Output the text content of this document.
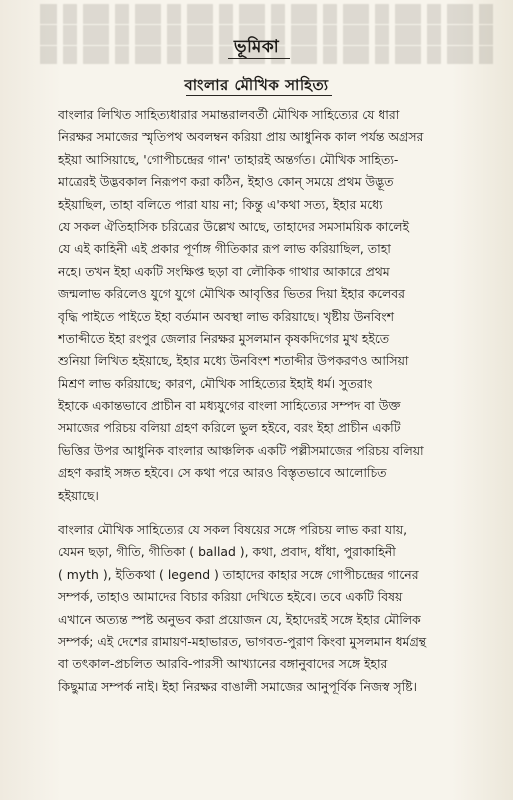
ভূমিকা
বাংলার মৌখিক সাহিত্য
বাংলার লিখিত সাহিত্যধারার সমান্তরালবর্তী মৌখিক সাহিত্যের যে ধারা
নিরক্ষর সমাজের স্মৃতিপথ অবলম্বন করিয়া প্রায় আধুনিক কাল পর্যন্ত অগ্রসর
হইয়া আসিয়াছে, 'গোপীচন্দ্রের গান' তাহারই অন্তর্গত। মৌখিক সাহিত্য-
মাত্রেরই উদ্ভবকাল নিরূপণ করা কঠিন, ইহাও কোন্ সময়ে প্রথম উদ্ভূত
হইয়াছিল, তাহা বলিতে পারা যায় না; কিন্তু এ'কথা সত্য, ইহার মধ্যে
যে সকল ঐতিহাসিক চরিত্রের উল্লেখ আছে, তাহাদের সমসাময়িক কালেই
যে এই কাহিনী এই প্রকার পূর্ণাঙ্গ গীতিকার রূপ লাভ করিয়াছিল, তাহা
নহে। তখন ইহা একটি সংক্ষিপ্ত ছড়া বা লৌকিক গাথার আকারে প্রথম
জন্মলাভ করিলেও যুগে যুগে মৌখিক আবৃত্তির ভিতর দিয়া ইহার কলেবর
বৃদ্ধি পাইতে পাইতে ইহা বর্তমান অবস্থা লাভ করিয়াছে। খৃষ্টীয় উনবিংশ
শতাব্দীতে ইহা রংপুর জেলার নিরক্ষর মুসলমান কৃষকদিগের মুখ হইতে
শুনিয়া লিখিত হইয়াছে, ইহার মধ্যে উনবিংশ শতাব্দীর উপকরণও আসিয়া
মিশ্রণ লাভ করিয়াছে; কারণ, মৌখিক সাহিত্যের ইহাই ধর্ম। সুতরাং
ইহাকে একান্তভাবে প্রাচীন বা মধ্যযুগের বাংলা সাহিত্যের সম্পদ বা উক্ত
সমাজের পরিচয় বলিয়া গ্রহণ করিলে ভুল হইবে, বরং ইহা প্রাচীন একটি
ভিত্তির উপর আধুনিক বাংলার আঞ্চলিক একটি পল্লীসমাজের পরিচয় বলিয়া
গ্রহণ করাই সঙ্গত হইবে। সে কথা পরে আরও বিস্তৃতভাবে আলোচিত
হইয়াছে।
বাংলার মৌখিক সাহিত্যের যে সকল বিষয়ের সঙ্গে পরিচয় লাভ করা যায়,
যেমন ছড়া, গীতি, গীতিকা ( ballad ), কথা, প্রবাদ, ধাঁধা, পুরাকাহিনী
( myth ), ইতিকথা ( legend ) তাহাদের কাহার সঙ্গে গোপীচন্দ্রের গানের
সম্পর্ক, তাহাও আমাদের বিচার করিয়া দেখিতে হইবে। তবে একটি বিষয়
এখানে অত্যন্ত স্পষ্ট অনুভব করা প্রয়োজন যে, ইহাদেরই সঙ্গে ইহার মৌলিক
সম্পর্ক; এই দেশের রামায়ণ-মহাভারত, ভাগবত-পুরাণ কিংবা মুসলমান ধর্মগ্রন্থ
বা তৎকাল-প্রচলিত আরবি-পারসী আখ্যানের বঙ্গানুবাদের সঙ্গে ইহার
কিছুমাত্র সম্পর্ক নাই। ইহা নিরক্ষর বাঙালী সমাজের আনুপূর্বিক নিজস্ব সৃষ্টি।
